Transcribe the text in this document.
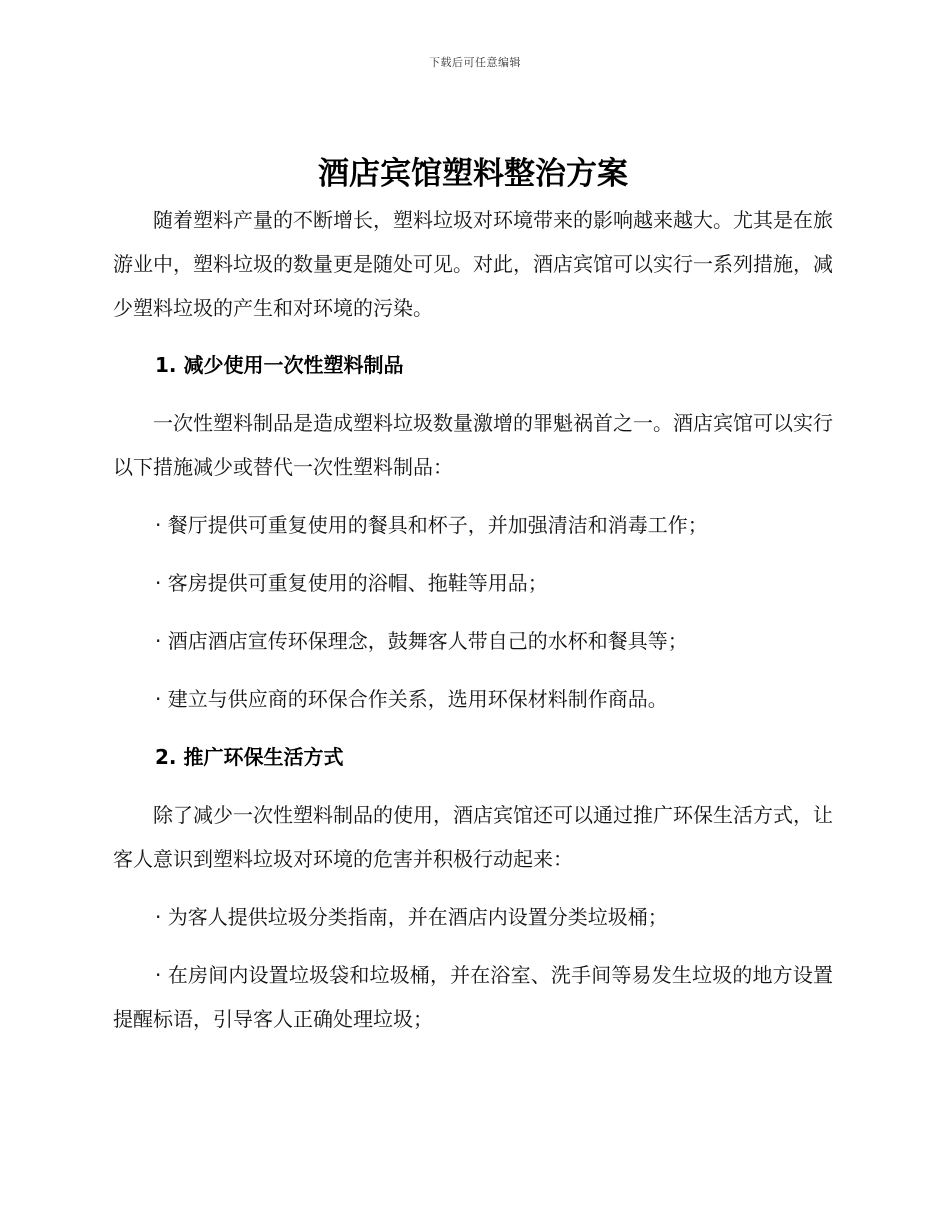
下载后可任意编辑
酒店宾馆塑料整治方案

随着塑料产量的不断增长，塑料垃圾对环境带来的影响越来越大。尤其是在旅游业中，塑料垃圾的数量更是随处可见。对此，酒店宾馆可以实行一系列措施，减少塑料垃圾的产生和对环境的污染。

1. 减少使用一次性塑料制品

一次性塑料制品是造成塑料垃圾数量激增的罪魁祸首之一。酒店宾馆可以实行以下措施减少或替代一次性塑料制品：

· 餐厅提供可重复使用的餐具和杯子，并加强清洁和消毒工作；

· 客房提供可重复使用的浴帽、拖鞋等用品；

· 酒店酒店宣传环保理念，鼓舞客人带自己的水杯和餐具等；

· 建立与供应商的环保合作关系，选用环保材料制作商品。

2. 推广环保生活方式

除了减少一次性塑料制品的使用，酒店宾馆还可以通过推广环保生活方式，让客人意识到塑料垃圾对环境的危害并积极行动起来：

· 为客人提供垃圾分类指南，并在酒店内设置分类垃圾桶；

· 在房间内设置垃圾袋和垃圾桶，并在浴室、洗手间等易发生垃圾的地方设置提醒标语，引导客人正确处理垃圾；
